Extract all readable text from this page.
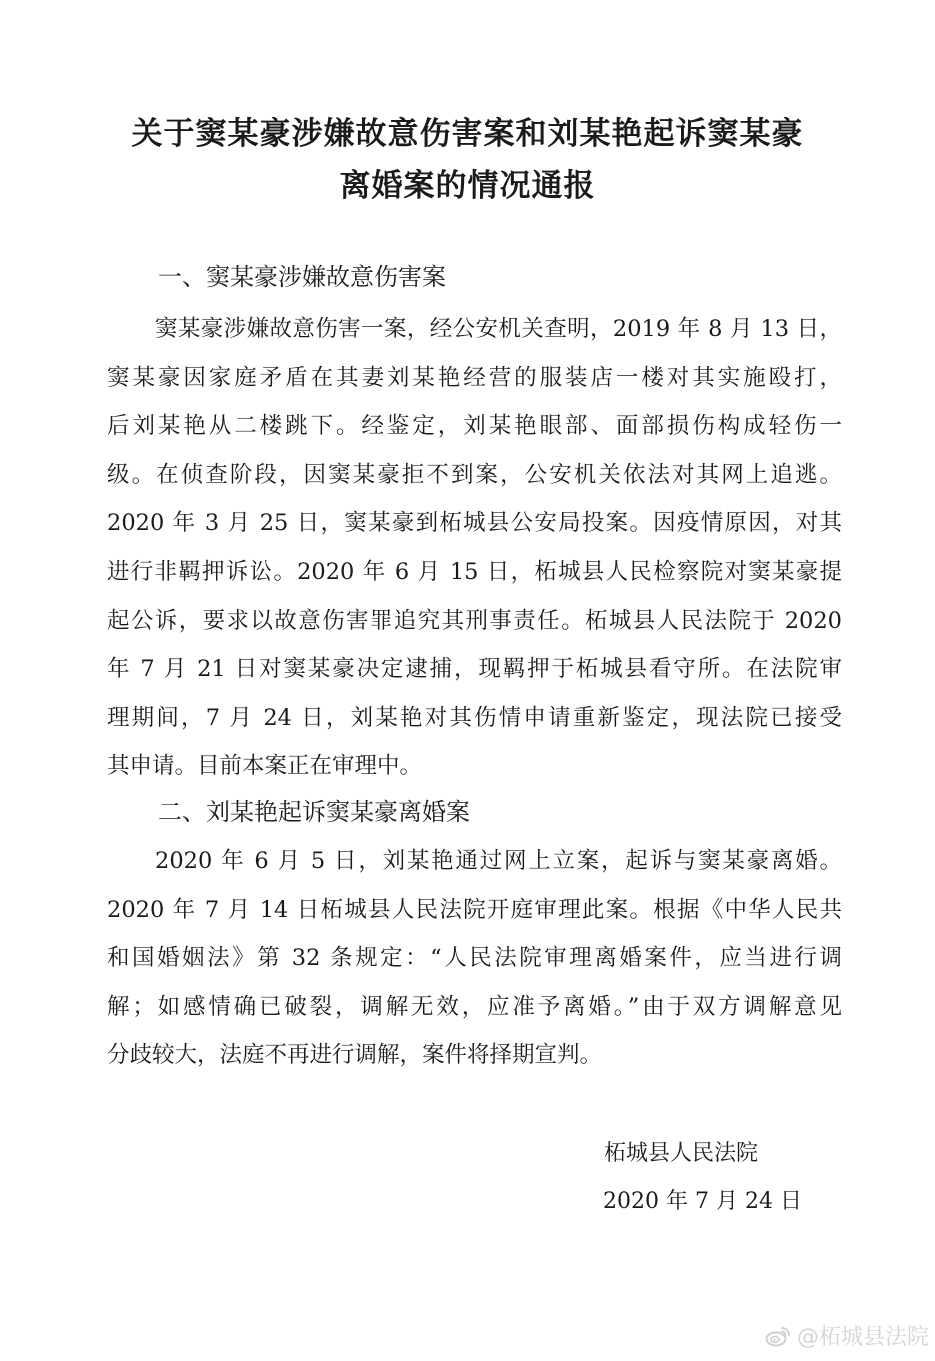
关于窦某豪涉嫌故意伤害案和刘某艳起诉窦某豪
离婚案的情况通报
一、窦某豪涉嫌故意伤害案
窦某豪涉嫌故意伤害一案，经公安机关查明，2019 年 8 月 13 日，
窦某豪因家庭矛盾在其妻刘某艳经营的服装店一楼对其实施殴打，
后刘某艳从二楼跳下。经鉴定，刘某艳眼部、面部损伤构成轻伤一
级。在侦查阶段，因窦某豪拒不到案，公安机关依法对其网上追逃。
2020 年 3 月 25 日，窦某豪到柘城县公安局投案。因疫情原因，对其
进行非羁押诉讼。2020 年 6 月 15 日，柘城县人民检察院对窦某豪提
起公诉，要求以故意伤害罪追究其刑事责任。柘城县人民法院于 2020
年 7 月 21 日对窦某豪决定逮捕，现羁押于柘城县看守所。在法院审
理期间，7 月 24 日，刘某艳对其伤情申请重新鉴定，现法院已接受
其申请。目前本案正在审理中。
二、刘某艳起诉窦某豪离婚案
2020 年 6 月 5 日，刘某艳通过网上立案，起诉与窦某豪离婚。
2020 年 7 月 14 日柘城县人民法院开庭审理此案。根据《中华人民共
和国婚姻法》第 32 条规定：“人民法院审理离婚案件，应当进行调
解；如感情确已破裂，调解无效，应准予离婚。”由于双方调解意见
分歧较大，法庭不再进行调解，案件将择期宣判。
柘城县人民法院
2020 年 7 月 24 日
@柘城县法院
